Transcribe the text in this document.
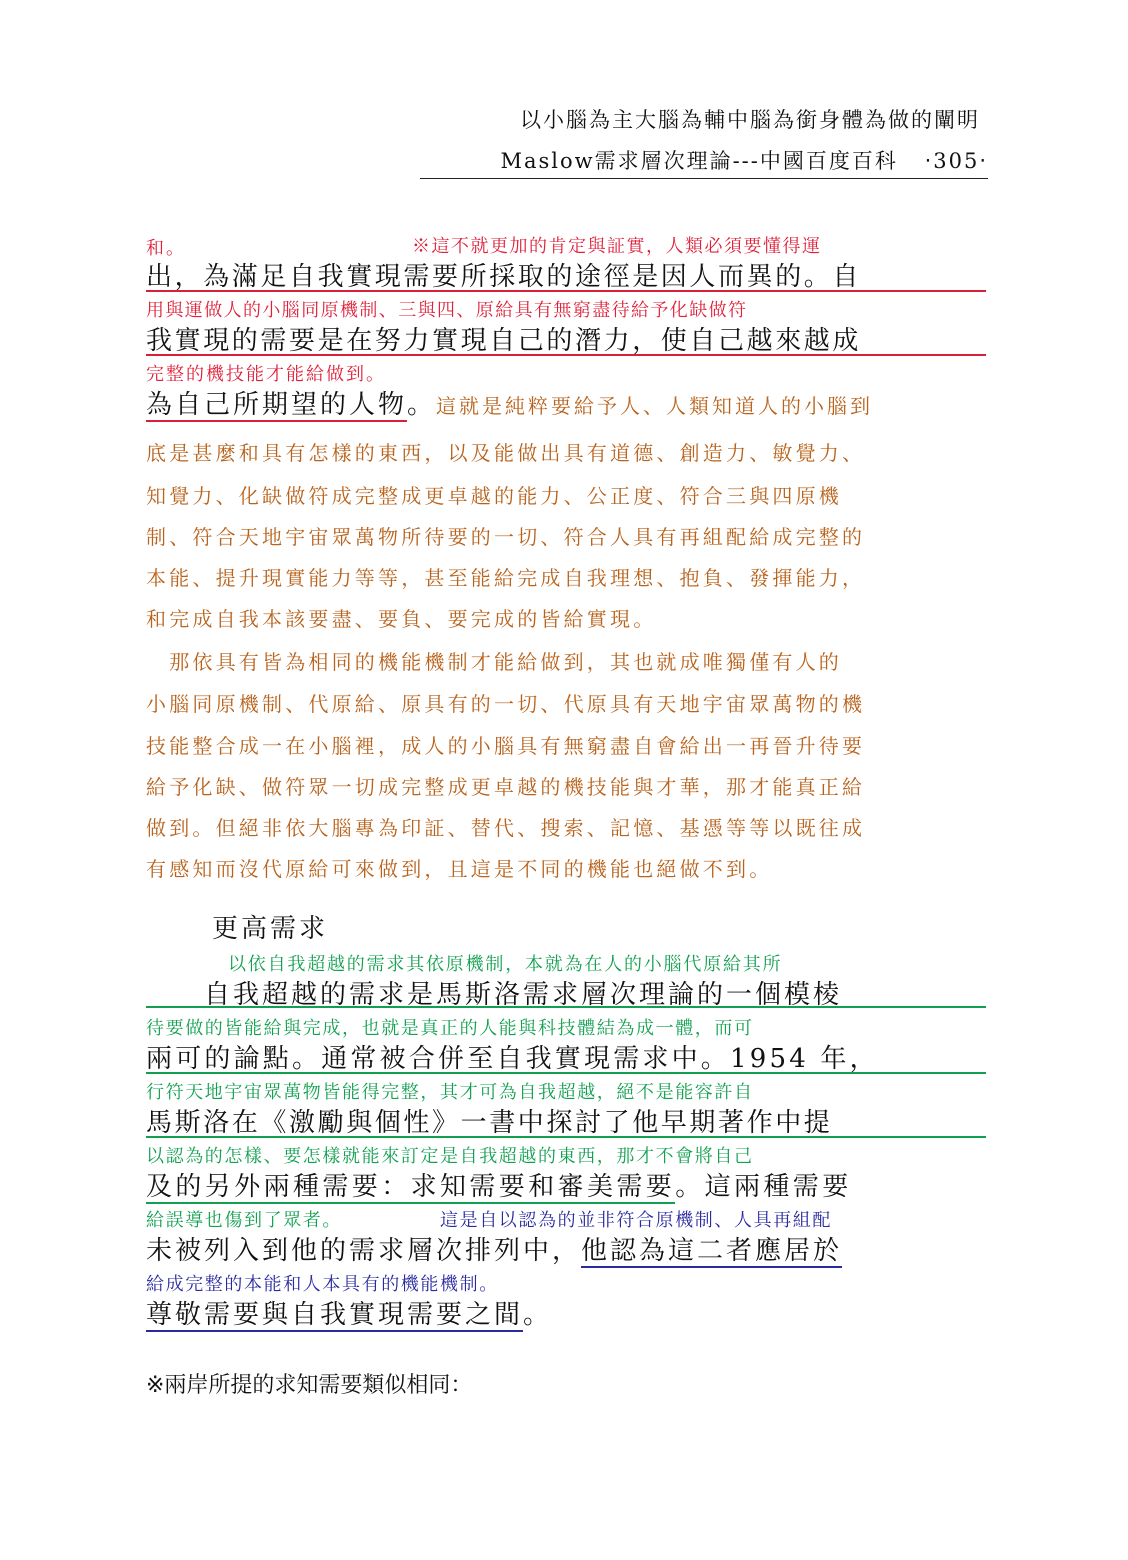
以小腦為主大腦為輔中腦為銜身體為做的闡明
Maslow需求層次理論---中國百度百科 ‧305‧
和。	※這不就更加的肯定與証實，人類必須要懂得運
出，為滿足自我實現需要所採取的途徑是因人而異的。自
用與運做人的小腦同原機制、三與四、原給具有無窮盡待給予化缺做符
我實現的需要是在努力實現自己的潛力，使自己越來越成
完整的機技能才能給做到。
為自己所期望的人物。這就是純粹要給予人、人類知道人的小腦到
底是甚麼和具有怎樣的東西，以及能做出具有道德、創造力、敏覺力、
知覺力、化缺做符成完整成更卓越的能力、公正度、符合三與四原機
制、符合天地宇宙眾萬物所待要的一切、符合人具有再組配給成完整的
本能、提升現實能力等等，甚至能給完成自我理想、抱負、發揮能力，
和完成自我本該要盡、要負、要完成的皆給實現。
　那依具有皆為相同的機能機制才能給做到，其也就成唯獨僅有人的
小腦同原機制、代原給、原具有的一切、代原具有天地宇宙眾萬物的機
技能整合成一在小腦裡，成人的小腦具有無窮盡自會給出一再晉升待要
給予化缺、做符眾一切成完整成更卓越的機技能與才華，那才能真正給
做到。但絕非依大腦專為印証、替代、搜索、記憶、基憑等等以既往成
有感知而沒代原給可來做到，且這是不同的機能也絕做不到。
更高需求
以依自我超越的需求其依原機制，本就為在人的小腦代原給其所
自我超越的需求是馬斯洛需求層次理論的一個模棱
待要做的皆能給與完成，也就是真正的人能與科技體結為成一體，而可
兩可的論點。通常被合併至自我實現需求中。1954 年，
行符天地宇宙眾萬物皆能得完整，其才可為自我超越，絕不是能容許自
馬斯洛在《激勵與個性》一書中探討了他早期著作中提
以認為的怎樣、要怎樣就能來訂定是自我超越的東西，那才不會將自己
及的另外兩種需要：求知需要和審美需要。這兩種需要
給誤導也傷到了眾者。	這是自以認為的並非符合原機制、人具再組配
未被列入到他的需求層次排列中，他認為這二者應居於
給成完整的本能和人本具有的機能機制。
尊敬需要與自我實現需要之間。
※兩岸所提的求知需要類似相同：
